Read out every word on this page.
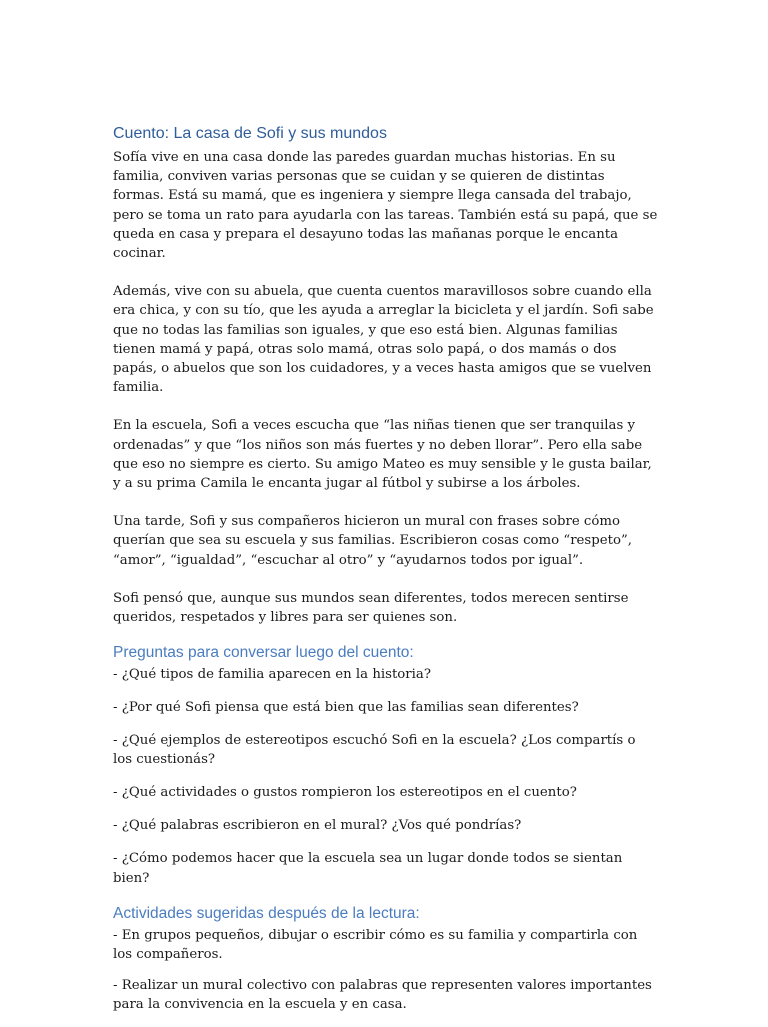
Cuento: La casa de Sofi y sus mundos

Sofía vive en una casa donde las paredes guardan muchas historias. En su familia, conviven varias personas que se cuidan y se quieren de distintas formas. Está su mamá, que es ingeniera y siempre llega cansada del trabajo, pero se toma un rato para ayudarla con las tareas. También está su papá, que se queda en casa y prepara el desayuno todas las mañanas porque le encanta cocinar.

Además, vive con su abuela, que cuenta cuentos maravillosos sobre cuando ella era chica, y con su tío, que les ayuda a arreglar la bicicleta y el jardín. Sofi sabe que no todas las familias son iguales, y que eso está bien. Algunas familias tienen mamá y papá, otras solo mamá, otras solo papá, o dos mamás o dos papás, o abuelos que son los cuidadores, y a veces hasta amigos que se vuelven familia.

En la escuela, Sofi a veces escucha que “las niñas tienen que ser tranquilas y ordenadas” y que “los niños son más fuertes y no deben llorar”. Pero ella sabe que eso no siempre es cierto. Su amigo Mateo es muy sensible y le gusta bailar, y a su prima Camila le encanta jugar al fútbol y subirse a los árboles.

Una tarde, Sofi y sus compañeros hicieron un mural con frases sobre cómo querían que sea su escuela y sus familias. Escribieron cosas como “respeto”, “amor”, “igualdad”, “escuchar al otro” y “ayudarnos todos por igual”.

Sofi pensó que, aunque sus mundos sean diferentes, todos merecen sentirse queridos, respetados y libres para ser quienes son.

Preguntas para conversar luego del cuento:
- ¿Qué tipos de familia aparecen en la historia?
- ¿Por qué Sofi piensa que está bien que las familias sean diferentes?
- ¿Qué ejemplos de estereotipos escuchó Sofi en la escuela? ¿Los compartís o los cuestionás?
- ¿Qué actividades o gustos rompieron los estereotipos en el cuento?
- ¿Qué palabras escribieron en el mural? ¿Vos qué pondrías?
- ¿Cómo podemos hacer que la escuela sea un lugar donde todos se sientan bien?
Actividades sugeridas después de la lectura:
- En grupos pequeños, dibujar o escribir cómo es su familia y compartirla con los compañeros.
- Realizar un mural colectivo con palabras que representen valores importantes para la convivencia en la escuela y en casa.
